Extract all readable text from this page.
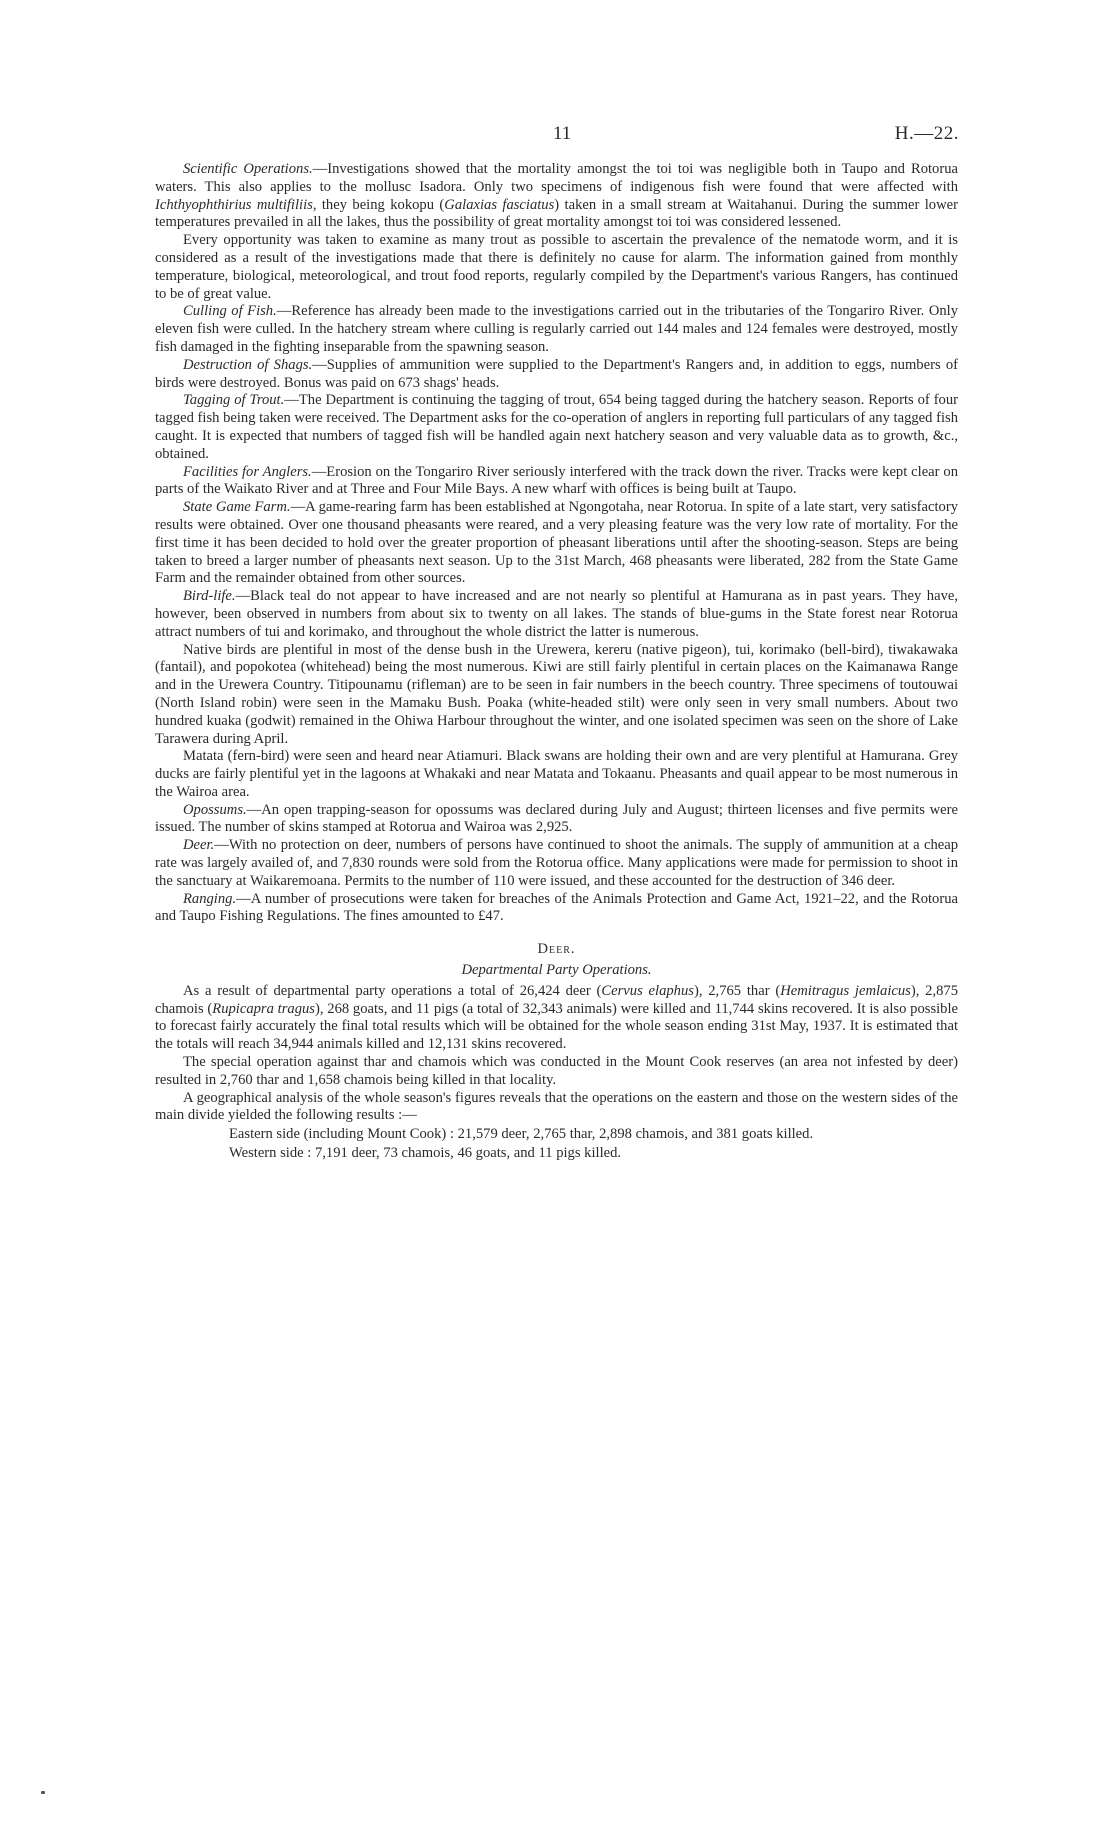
11	H.—22.

Scientific Operations.—Investigations showed that the mortality amongst the toi toi was negligible both in Taupo and Rotorua waters. This also applies to the mollusc Isadora. Only two specimens of indigenous fish were found that were affected with Ichthyophthirius multifiliis, they being kokopu (Galaxias fasciatus) taken in a small stream at Waitahanui. During the summer lower temperatures prevailed in all the lakes, thus the possibility of great mortality amongst toi toi was considered lessened.

Every opportunity was taken to examine as many trout as possible to ascertain the prevalence of the nematode worm, and it is considered as a result of the investigations made that there is definitely no cause for alarm. The information gained from monthly temperature, biological, meteorological, and trout food reports, regularly compiled by the Department's various Rangers, has continued to be of great value.

Culling of Fish.—Reference has already been made to the investigations carried out in the tributaries of the Tongariro River. Only eleven fish were culled. In the hatchery stream where culling is regularly carried out 144 males and 124 females were destroyed, mostly fish damaged in the fighting inseparable from the spawning season.

Destruction of Shags.—Supplies of ammunition were supplied to the Department's Rangers and, in addition to eggs, numbers of birds were destroyed. Bonus was paid on 673 shags' heads.

Tagging of Trout.—The Department is continuing the tagging of trout, 654 being tagged during the hatchery season. Reports of four tagged fish being taken were received. The Department asks for the co-operation of anglers in reporting full particulars of any tagged fish caught. It is expected that numbers of tagged fish will be handled again next hatchery season and very valuable data as to growth, &c., obtained.

Facilities for Anglers.—Erosion on the Tongariro River seriously interfered with the track down the river. Tracks were kept clear on parts of the Waikato River and at Three and Four Mile Bays. A new wharf with offices is being built at Taupo.

State Game Farm.—A game-rearing farm has been established at Ngongotaha, near Rotorua. In spite of a late start, very satisfactory results were obtained. Over one thousand pheasants were reared, and a very pleasing feature was the very low rate of mortality. For the first time it has been decided to hold over the greater proportion of pheasant liberations until after the shooting-season. Steps are being taken to breed a larger number of pheasants next season. Up to the 31st March, 468 pheasants were liberated, 282 from the State Game Farm and the remainder obtained from other sources.

Bird-life.—Black teal do not appear to have increased and are not nearly so plentiful at Hamurana as in past years. They have, however, been observed in numbers from about six to twenty on all lakes. The stands of blue-gums in the State forest near Rotorua attract numbers of tui and korimako, and throughout the whole district the latter is numerous.

Native birds are plentiful in most of the dense bush in the Urewera, kereru (native pigeon), tui, korimako (bell-bird), tiwakawaka (fantail), and popokotea (whitehead) being the most numerous. Kiwi are still fairly plentiful in certain places on the Kaimanawa Range and in the Urewera Country. Titipounamu (rifleman) are to be seen in fair numbers in the beech country. Three specimens of toutouwai (North Island robin) were seen in the Mamaku Bush. Poaka (white-headed stilt) were only seen in very small numbers. About two hundred kuaka (godwit) remained in the Ohiwa Harbour throughout the winter, and one isolated specimen was seen on the shore of Lake Tarawera during April.

Matata (fern-bird) were seen and heard near Atiamuri. Black swans are holding their own and are very plentiful at Hamurana. Grey ducks are fairly plentiful yet in the lagoons at Whakaki and near Matata and Tokaanu. Pheasants and quail appear to be most numerous in the Wairoa area.

Opossums.—An open trapping-season for opossums was declared during July and August; thirteen licenses and five permits were issued. The number of skins stamped at Rotorua and Wairoa was 2,925.

Deer.—With no protection on deer, numbers of persons have continued to shoot the animals. The supply of ammunition at a cheap rate was largely availed of, and 7,830 rounds were sold from the Rotorua office. Many applications were made for permission to shoot in the sanctuary at Waikaremoana. Permits to the number of 110 were issued, and these accounted for the destruction of 346 deer.

Ranging.—A number of prosecutions were taken for breaches of the Animals Protection and Game Act, 1921–22, and the Rotorua and Taupo Fishing Regulations. The fines amounted to £47.

Deer.

Departmental Party Operations.

As a result of departmental party operations a total of 26,424 deer (Cervus elaphus), 2,765 thar (Hemitragus jemlaicus), 2,875 chamois (Rupicapra tragus), 268 goats, and 11 pigs (a total of 32,343 animals) were killed and 11,744 skins recovered. It is also possible to forecast fairly accurately the final total results which will be obtained for the whole season ending 31st May, 1937. It is estimated that the totals will reach 34,944 animals killed and 12,131 skins recovered.

The special operation against thar and chamois which was conducted in the Mount Cook reserves (an area not infested by deer) resulted in 2,760 thar and 1,658 chamois being killed in that locality.

A geographical analysis of the whole season's figures reveals that the operations on the eastern and those on the western sides of the main divide yielded the following results :—

Eastern side (including Mount Cook) : 21,579 deer, 2,765 thar, 2,898 chamois, and 381 goats killed.

Western side : 7,191 deer, 73 chamois, 46 goats, and 11 pigs killed.
